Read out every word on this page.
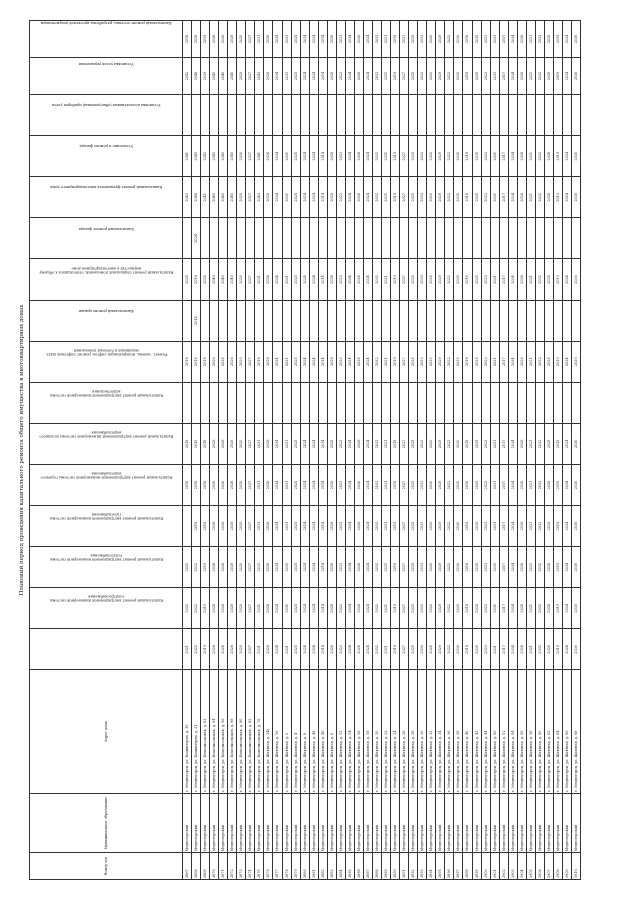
Плановый период проведения капитального ремонта общего имущества в многоквартирных домах
Номер п/п	Муниципальное образование	Адрес дома	Капитальный ремонт внутридомовой инженерной системы электроснабжения	Капитальный ремонт внутридомовой инженерной системы теплоснабжения	Капитальный ремонт внутридомовой инженерной системы газоснабжения	Капитальный ремонт внутридомовой инженерной системы горячего водоснабжения	Капитальный ремонт внутридомовой инженерной системы холодного водоснабжения	Капитальный ремонт внутридомовой инженерной системы водоотведения	Ремонт, замена, модернизация лифтов, ремонт лифтовых шахт, машинных и блочных помещений	Капитальный ремонт крыши	Капитальный ремонт подвальных помещений, относящихся к общему имуществу в многоквартирном доме	Капитальный ремонт фасада	Капитальный ремонт фундамента многоквартирного дома	Утепление и ремонт фасада	Установка коллективных (общедомовых) приборов учета	Установка узлов управления	Капитальный ремонт лестниц, разработка проектной документации	
3867	Медногорский	г. Медногорск, ул. Коминтерна, д. 19	2021	2020	2020		2018	2018		2018		2026		2042	2041		2042	2018
3868	Медногорский	г. Медногорск, ул. Коминтерна, д. 31	2022	2022	2022	2018	2018	2018		2018	2018	2016	2024	2046	2045		2046	2018
3869	Медногорский	г. Медногорск, ул. Комсомольская, д. 63	2019	2019	2019	2018	2018	2018		2018		2026		2041	2042		2039	2019
3870	Медногорский	г. Медногорск, ул. Комсомольская, д. 94	2026	2026	2026	2026	2026	2026		2026		2040		2040	2040		2040	2026
3871	Медногорский	г. Медногорск, ул. Комсомольская, д. 96	2026	2026	2026	2026	2026	2026		2026		2040		2040	2040		2040	2026
3872	Медногорский	г. Медногорск, ул. Комсомольская, д. 98	2026	2026	2026	2026	2026	2026		2026		2040		2040	2040		2040	2026
3873	Медногорский	г. Медногорск, ул. Комсомольская, д. 80	2020	2020	2020	2020	2020	2020		2020		2020		2020	2020		2020	2020
3874	Медногорский	г. Медногорск, ул. Комсомольская, д. 82	2027	2027	2027	2027	2027	2027		2027		2027		2027	2027		2027	2027
3875	Медногорский	г. Медногорск, ул. Комсомольская, д. 78	2031	2031	2031	2031	2031	2031		2018		2031		2043	2041		2043	2031
3876	Медногорский	г. Медногорск, ул. Шахтная, д. 14а	2026	2026	2026	2026	2026	2026		2026		2026		2026	2026		2026	2026
3877	Медногорский	г. Медногорск, ул. Шахтная, д. 16	2034	2034	2034	2034	2034	2034		2034		2034		2034	2034		2034	2034
3878	Медногорский	г. Медногорск, ул. Шахтная, д. 2	2031	2031	2031	2031	2031	2031		2031		2031		2031	2031		2031	2031
3879	Медногорский	г. Медногорск, ул. Шахтная, д. 4	2025	2025	2025	2025	2025	2025		2025		2025		2025	2025		2025	2025
3880	Медногорский	г. Медногорск, ул. Шахтная, д. 8	2024	2024	2024	2024	2024	2024		2024		2024		2024	2024		2024	2024
3881	Медногорский	г. Медногорск, ул. Шахтная, д. 48	2024	2024	2024	2024	2024	2024		2024		2024		2024	2024		2024	2024
3882	Медногорский	г. Медногорск, ул. Шахтная, д. 46	2014	2014	2014	2014	2014	2014		2014		2014		2014	2014		2014	2014
3883	Медногорский	г. Медногорск, ул. Шахтная, д. 6	2028	2028	2028	2028	2028	2028		2028		2028		2028	2028		2028	2028
3884	Медногорский	г. Медногорск, ул. Шахтная, д. 12	2023	2023	2023	2023	2023	2023		2023		2023		2023	2023		2023	2023
3885	Медногорский	г. Медногорск, ул. Шахтная, д. 14	2034	2034	2034	2034	2034	2034		2034		2034		2034	2034		2034	2034
3886	Медногорский	г. Медногорск, ул. Шахтная, д. 16	2026	2026	2026	2026	2026	2026		2026		2026		2026	2026		2026	2026
3887	Медногорский	г. Медногорск, ул. Шахтная, д. 18	2024	2024	2024	2024	2024	2024		2024		2024		2024	2024		2024	2024
3888	Медногорский	г. Медногорск, ул. Шахтная, д. 20	2032	2032	2032	2032	2032	2032		2032		2032		2032	2032		2032	2032
3889	Медногорский	г. Медногорск, ул. Шахтная, д. 22	2021	2021	2021	2021	2021	2021		2021		2021		2021	2021		2021	2021
3890	Медногорский	г. Медногорск, ул. Шахтная, д. 24	2019	2019	2019	2019	2019	2019		2019		2019		2019	2019		2019	2019
3891	Медногорский	г. Медногорск, ул. Шахтная, д. 26	2027	2027	2027	2027	2027	2027		2027		2027		2027	2027		2027	2027
3892	Медногорский	г. Медногорск, ул. Шахтная, д. 28	2025	2025	2025	2025	2025	2025		2025		2025		2025	2025		2025	2025
3893	Медногорский	г. Медногорск, ул. Шахтная, д. 30	2033	2033	2033	2033	2033	2033		2033		2033		2033	2033		2033	2033
3894	Медногорский	г. Медногорск, ул. Шахтная, д. 32	2020	2020	2020	2020	2020	2020		2020		2020		2020	2020		2020	2020
3895	Медногорский	г. Медногорск, ул. Шахтная, д. 34	2029	2029	2029	2029	2029	2029		2029		2029		2029	2029		2029	2029
3896	Медногорский	г. Медногорск, ул. Шахтная, д. 36	2022	2022	2022	2022	2022	2022		2022		2022		2022	2022		2022	2022
3897	Медногорский	г. Медногорск, ул. Шахтная, д. 38	2030	2030	2030	2030	2030	2030		2030		2030		2030	2030		2030	2030
3898	Медногорский	г. Медногорск, ул. Шахтная, д. 40	2018	2018	2018	2018	2018	2018		2018		2018		2018	2018		2018	2018
3899	Медногорский	г. Медногорск, ул. Шахтная, д. 42	2035	2035	2035	2035	2035	2035		2035		2035		2035	2035		2035	2035
3900	Медногорский	г. Медногорск, ул. Шахтная, д. 44	2023	2023	2023	2023	2023	2023		2023		2023		2023	2023		2023	2023
3901	Медногорский	г. Медногорск, ул. Шахтная, д. 50	2031	2031	2031	2031	2031	2031		2031		2031		2031	2031		2031	2031
3902	Медногорский	г. Медногорск, ул. Шахтная, д. 52	2017	2017	2017	2017	2017	2017		2017		2017		2017	2017		2017	2017
3903	Медногорский	г. Медногорск, ул. Шахтная, д. 54	2034	2034	2034	2034	2034	2034		2034		2034		2034	2034		2034	2034
3904	Медногорский	г. Медногорск, ул. Шахтная, д. 56	2026	2026	2026	2026	2026	2026		2026		2026		2026	2026		2026	2026
3905	Медногорский	г. Медногорск, ул. Шахтная, д. 58	2021	2021	2021	2021	2021	2021		2021		2021		2021	2021		2021	2021
3906	Медногорский	г. Медногорск, ул. Шахтная, д. 60	2032	2032	2032	2032	2032	2032		2032		2032		2032	2032		2032	2032
3907	Медногорский	г. Медногорск, ул. Шахтная, д. 62	2028	2028	2028	2028	2028	2028		2028		2028		2028	2028		2028	2028
3908	Медногорский	г. Медногорск, ул. Шахтная, д. 64	2019	2019	2019	2019	2019	2019		2019		2019		2019	2019		2019	2019
3909	Медногорский	г. Медногорск, ул. Шахтная, д. 66	2024	2024	2024	2024	2024	2024		2024		2024		2024	2024		2024	2024
3910	Медногорский	г. Медногорск, ул. Шахтная, д. 68	2030	2030	2030	2030	2030	2030		2030		2030		2030	2030		2030	2030
